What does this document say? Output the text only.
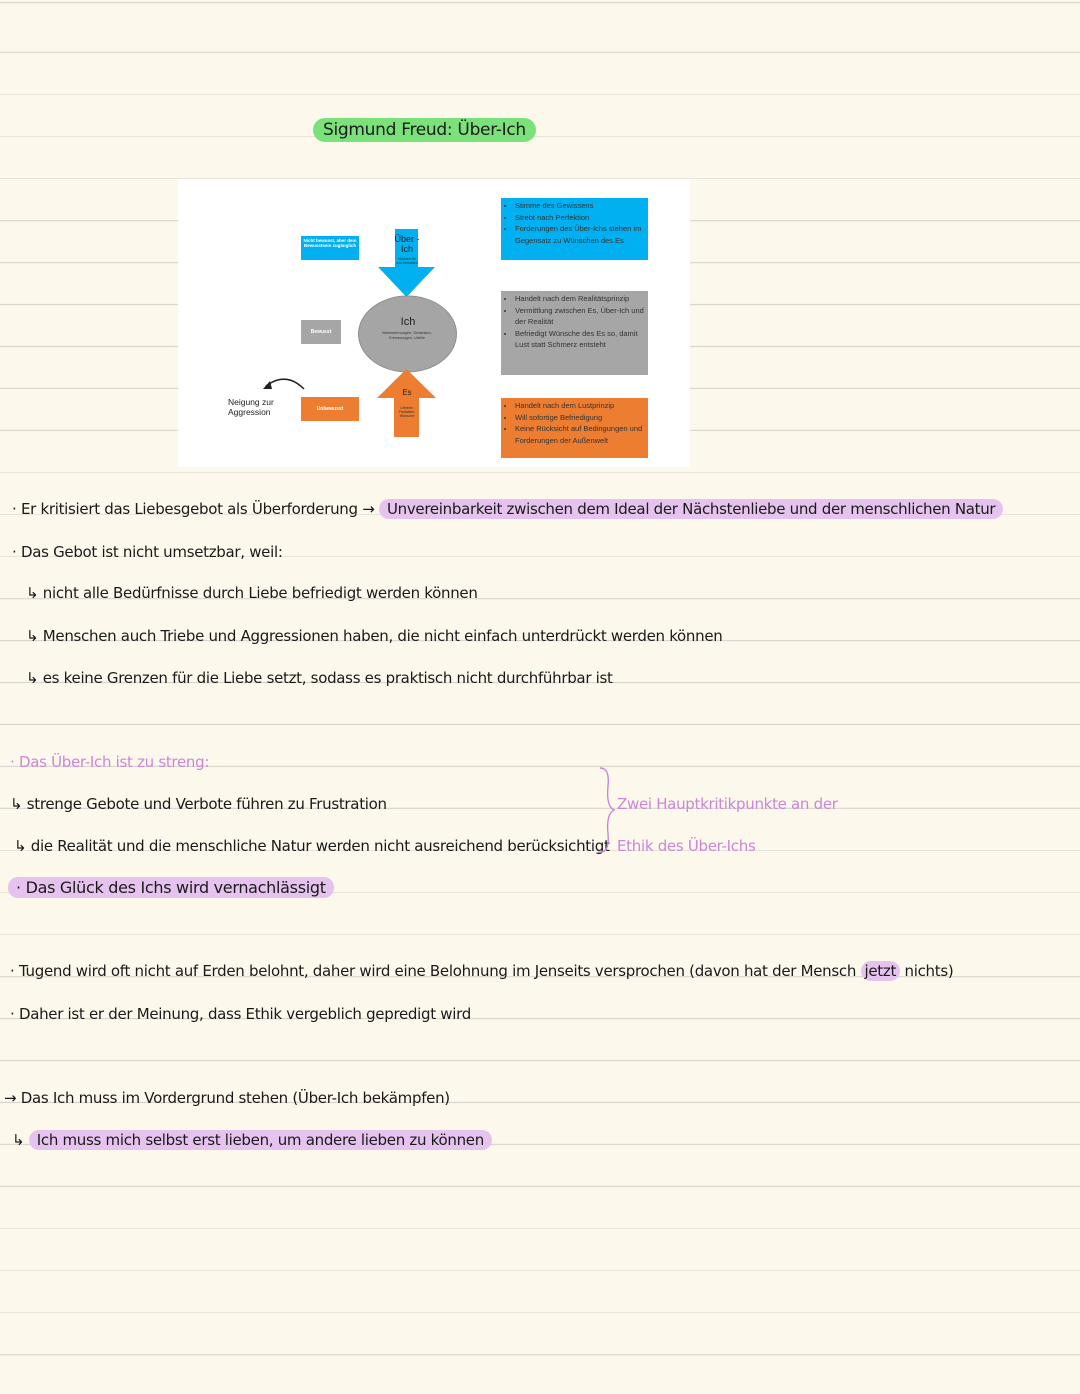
Sigmund Freud: Über-Ich
Nicht bewusst, aber dem Bewusstsein zugänglich
Bewusst
Unbewusst
Über -Ich
Normen für das Verhalten
Ich
Wahrnehmungen, Gedanken, Erinnerungen, Urteile
Es
Urtriebe, Fantasien, Wünsche
Neigung zur Aggression
• Stimme des Gewissens
• Strebt nach Perfektion
• Forderungen des Über-Ichs stehen im Gegensatz zu Wünschen des Es
• Handelt nach dem Realitätsprinzip
• Vermittlung zwischen Es, Über-Ich und der Realität
• Befriedigt Wünsche des Es so, damit Lust statt Schmerz entsteht
• Handelt nach dem Lustprinzip
• Will sofortige Befriedigung
• Keine Rücksicht auf Bedingungen und Forderungen der Außenwelt
· Er kritisiert das Liebesgebot als Überforderung → Unvereinbarkeit zwischen dem Ideal der Nächstenliebe und der menschlichen Natur
· Das Gebot ist nicht umsetzbar, weil:
↳ nicht alle Bedürfnisse durch Liebe befriedigt werden können
↳ Menschen auch Triebe und Aggressionen haben, die nicht einfach unterdrückt werden können
↳ es keine Grenzen für die Liebe setzt, sodass es praktisch nicht durchführbar ist
· Das Über-Ich ist zu streng:
↳ strenge Gebote und Verbote führen zu Frustration
↳ die Realität und die menschliche Natur werden nicht ausreichend berücksichtigt
· Das Glück des Ichs wird vernachlässigt
Zwei Hauptkritikpunkte an der
Ethik des Über-Ichs
· Tugend wird oft nicht auf Erden belohnt, daher wird eine Belohnung im Jenseits versprochen (davon hat der Mensch jetzt nichts)
· Daher ist er der Meinung, dass Ethik vergeblich gepredigt wird
→ Das Ich muss im Vordergrund stehen (Über-Ich bekämpfen)
↳ Ich muss mich selbst erst lieben, um andere lieben zu können
